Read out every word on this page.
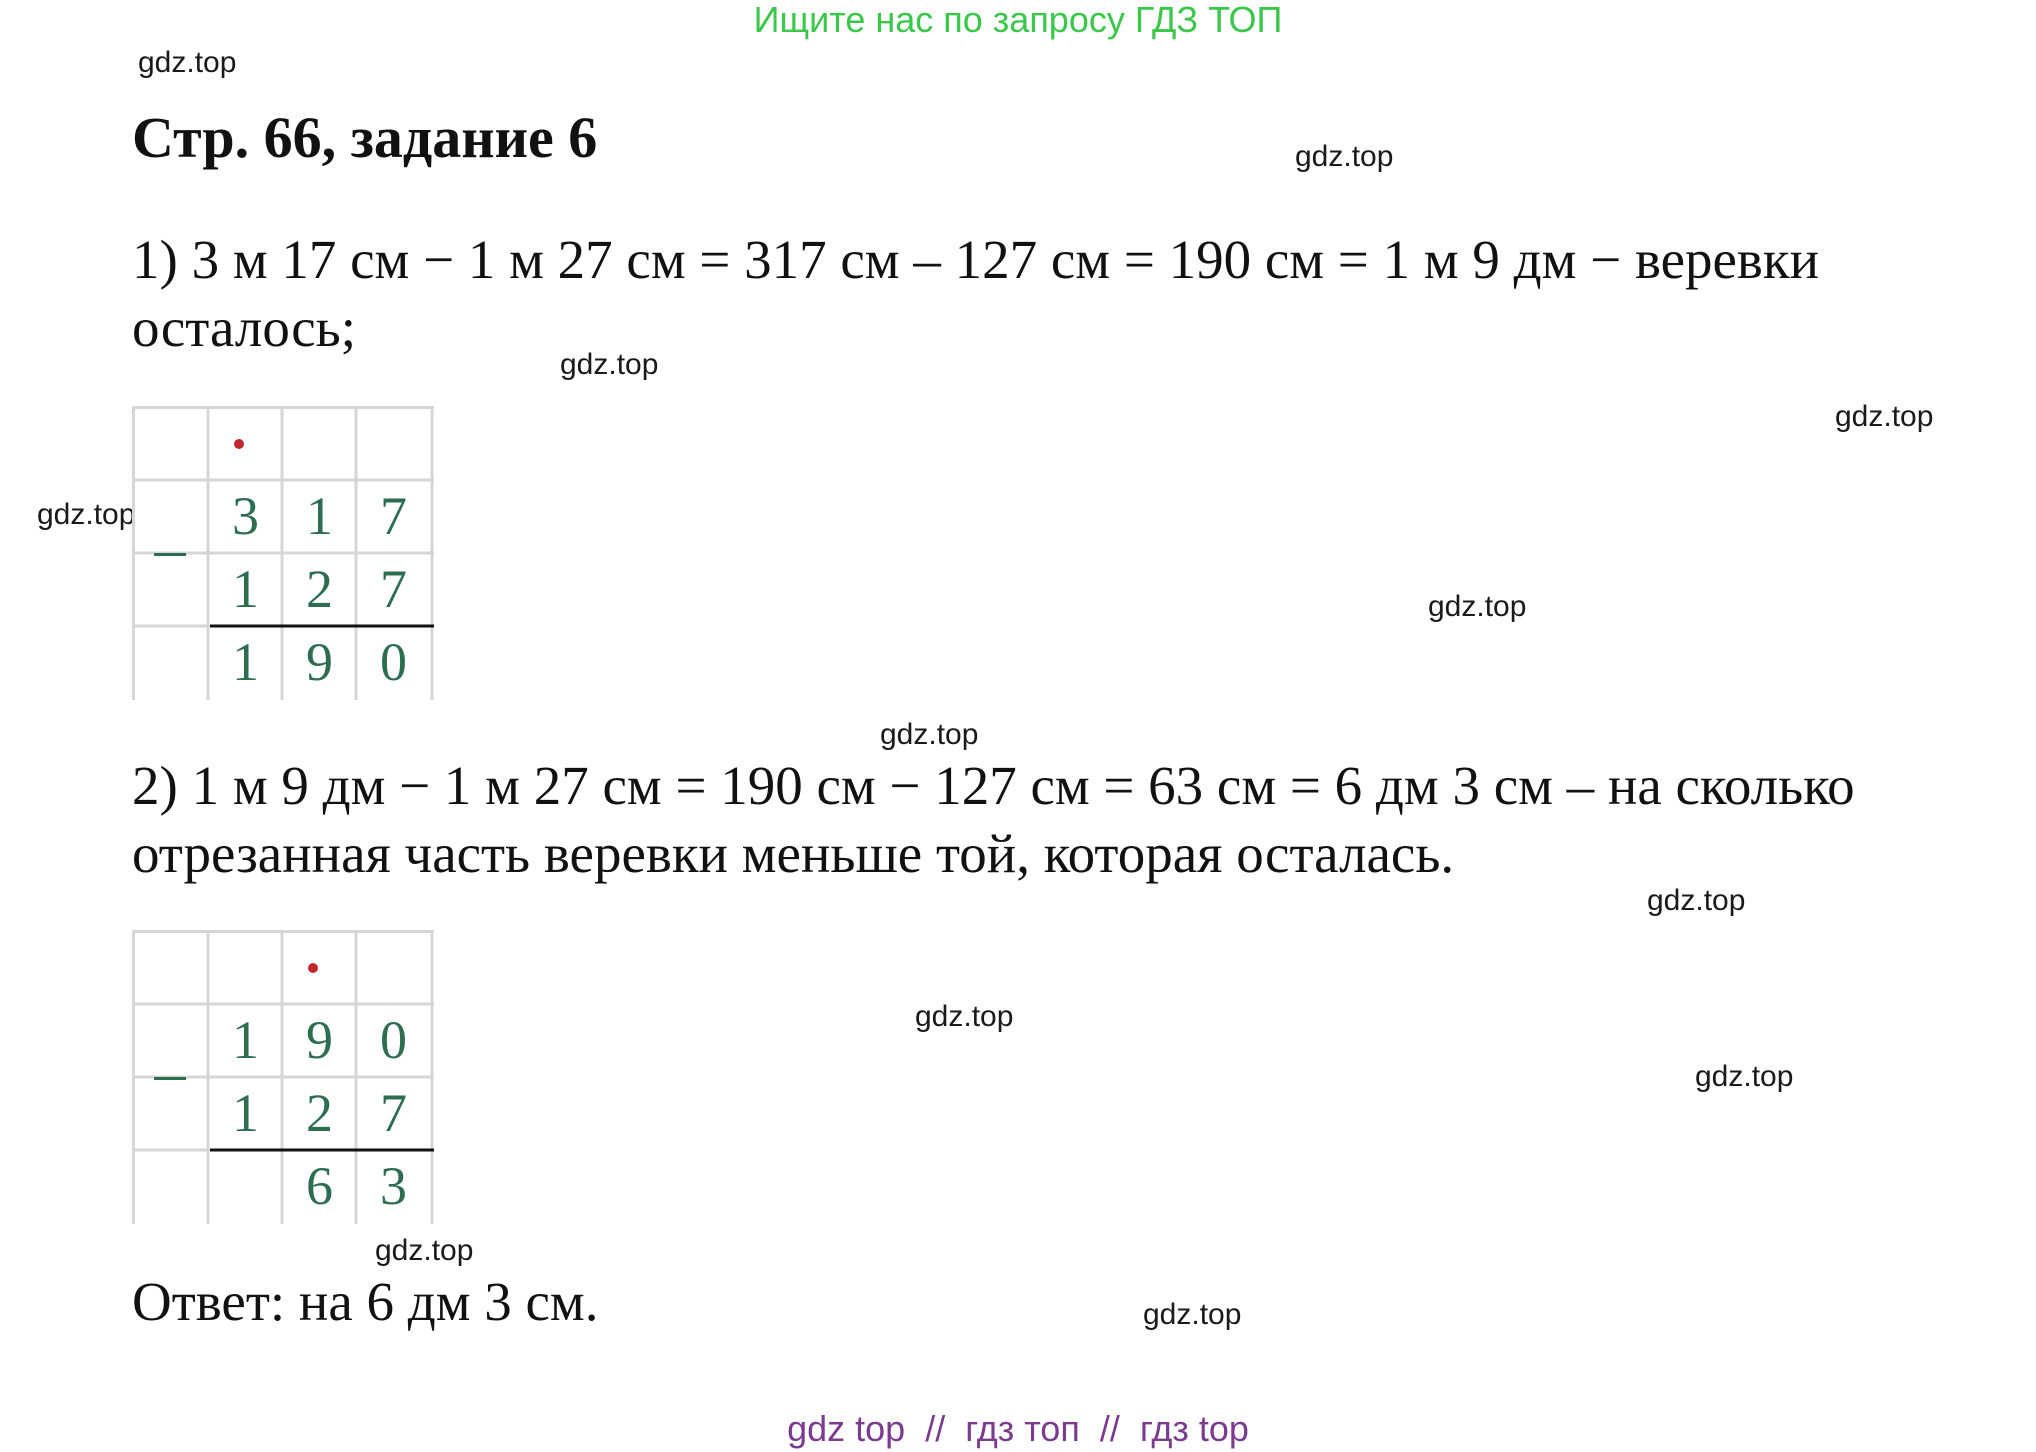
Ищите нас по запросу ГДЗ ТОП
gdz.top
Стр. 66, задание 6	gdz.top
1) 3 м 17 см − 1 м 27 см = 317 см – 127 см = 190 см = 1 м 9 дм − веревки осталось;
gdz.top
gdz.top
gdz.top
gdz.top
3 1 7
1 2 7
1 9 0
gdz.top
2) 1 м 9 дм − 1 м 27 см = 190 см − 127 см = 63 см = 6 дм 3 см – на сколько отрезанная часть веревки меньше той, которая осталась.
gdz.top
gdz.top
gdz.top
1 9 0
1 2 7
6 3
gdz.top
Ответ: на 6 дм 3 см.	gdz.top
gdz top  //  гдз топ  //  гдз top
